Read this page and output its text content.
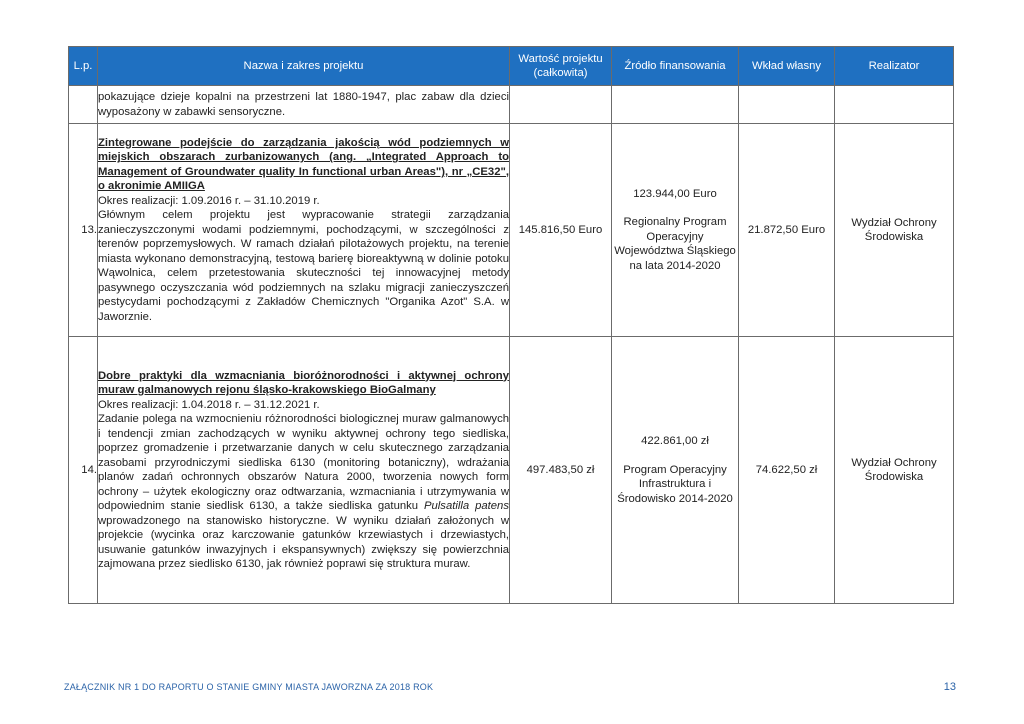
L.p.	Nazwa i zakres projektu	Wartość projektu (całkowita)	Źródło finansowania	Wkład własny	Realizator
	pokazujące dzieje kopalni na przestrzeni lat 1880-1947, plac zabaw dla dzieci wyposażony w zabawki sensoryczne.				
13.	Zintegrowane podejście do zarządzania jakością wód podziemnych w miejskich obszarach zurbanizowanych (ang. „Integrated Approach to Management of Groundwater quality In functional urban Areas"), nr „CE32", o akronimie AMIIGA
Okres realizacji: 1.09.2016 r. – 31.10.2019 r.
Głównym celem projektu jest wypracowanie strategii zarządzania zanieczyszczonymi wodami podziemnymi, pochodzącymi, w szczególności z terenów poprzemysłowych. W ramach działań pilotażowych projektu, na terenie miasta wykonano demonstracyjną, testową barierę bioreaktywną w dolinie potoku Wąwolnica, celem przetestowania skuteczności tej innowacyjnej metody pasywnego oczyszczania wód podziemnych na szlaku migracji zanieczyszczeń pestycydami pochodzącymi z Zakładów Chemicznych "Organika Azot" S.A. w Jaworznie.	145.816,50 Euro	123.944,00 Euro
Regionalny Program Operacyjny Województwa Śląskiego na lata 2014-2020	21.872,50 Euro	Wydział Ochrony Środowiska
14.	Dobre praktyki dla wzmacniania bioróżnorodności i aktywnej ochrony muraw galmanowych rejonu śląsko-krakowskiego BioGalmany
Okres realizacji: 1.04.2018 r. – 31.12.2021 r.
Zadanie polega na wzmocnieniu różnorodności biologicznej muraw galmanowych i tendencji zmian zachodzących w wyniku aktywnej ochrony tego siedliska, poprzez gromadzenie i przetwarzanie danych w celu skutecznego zarządzania zasobami przyrodniczymi siedliska 6130 (monitoring botaniczny), wdrażania planów zadań ochronnych obszarów Natura 2000, tworzenia nowych form ochrony – użytek ekologiczny oraz odtwarzania, wzmacniania i utrzymywania w odpowiednim stanie siedlisk 6130, a także siedliska gatunku Pulsatilla patens wprowadzonego na stanowisko historyczne. W wyniku działań założonych w projekcie (wycinka oraz karczowanie gatunków krzewiastych i drzewiastych, usuwanie gatunków inwazyjnych i ekspansywnych) zwiększy się powierzchnia zajmowana przez siedlisko 6130, jak również poprawi się struktura muraw.	497.483,50 zł	422.861,00 zł
Program Operacyjny Infrastruktura i Środowisko 2014-2020	74.622,50 zł	Wydział Ochrony Środowiska
ZAŁĄCZNIK NR 1 DO RAPORTU O STANIE GMINY MIASTA JAWORZNA ZA 2018 ROK	13
